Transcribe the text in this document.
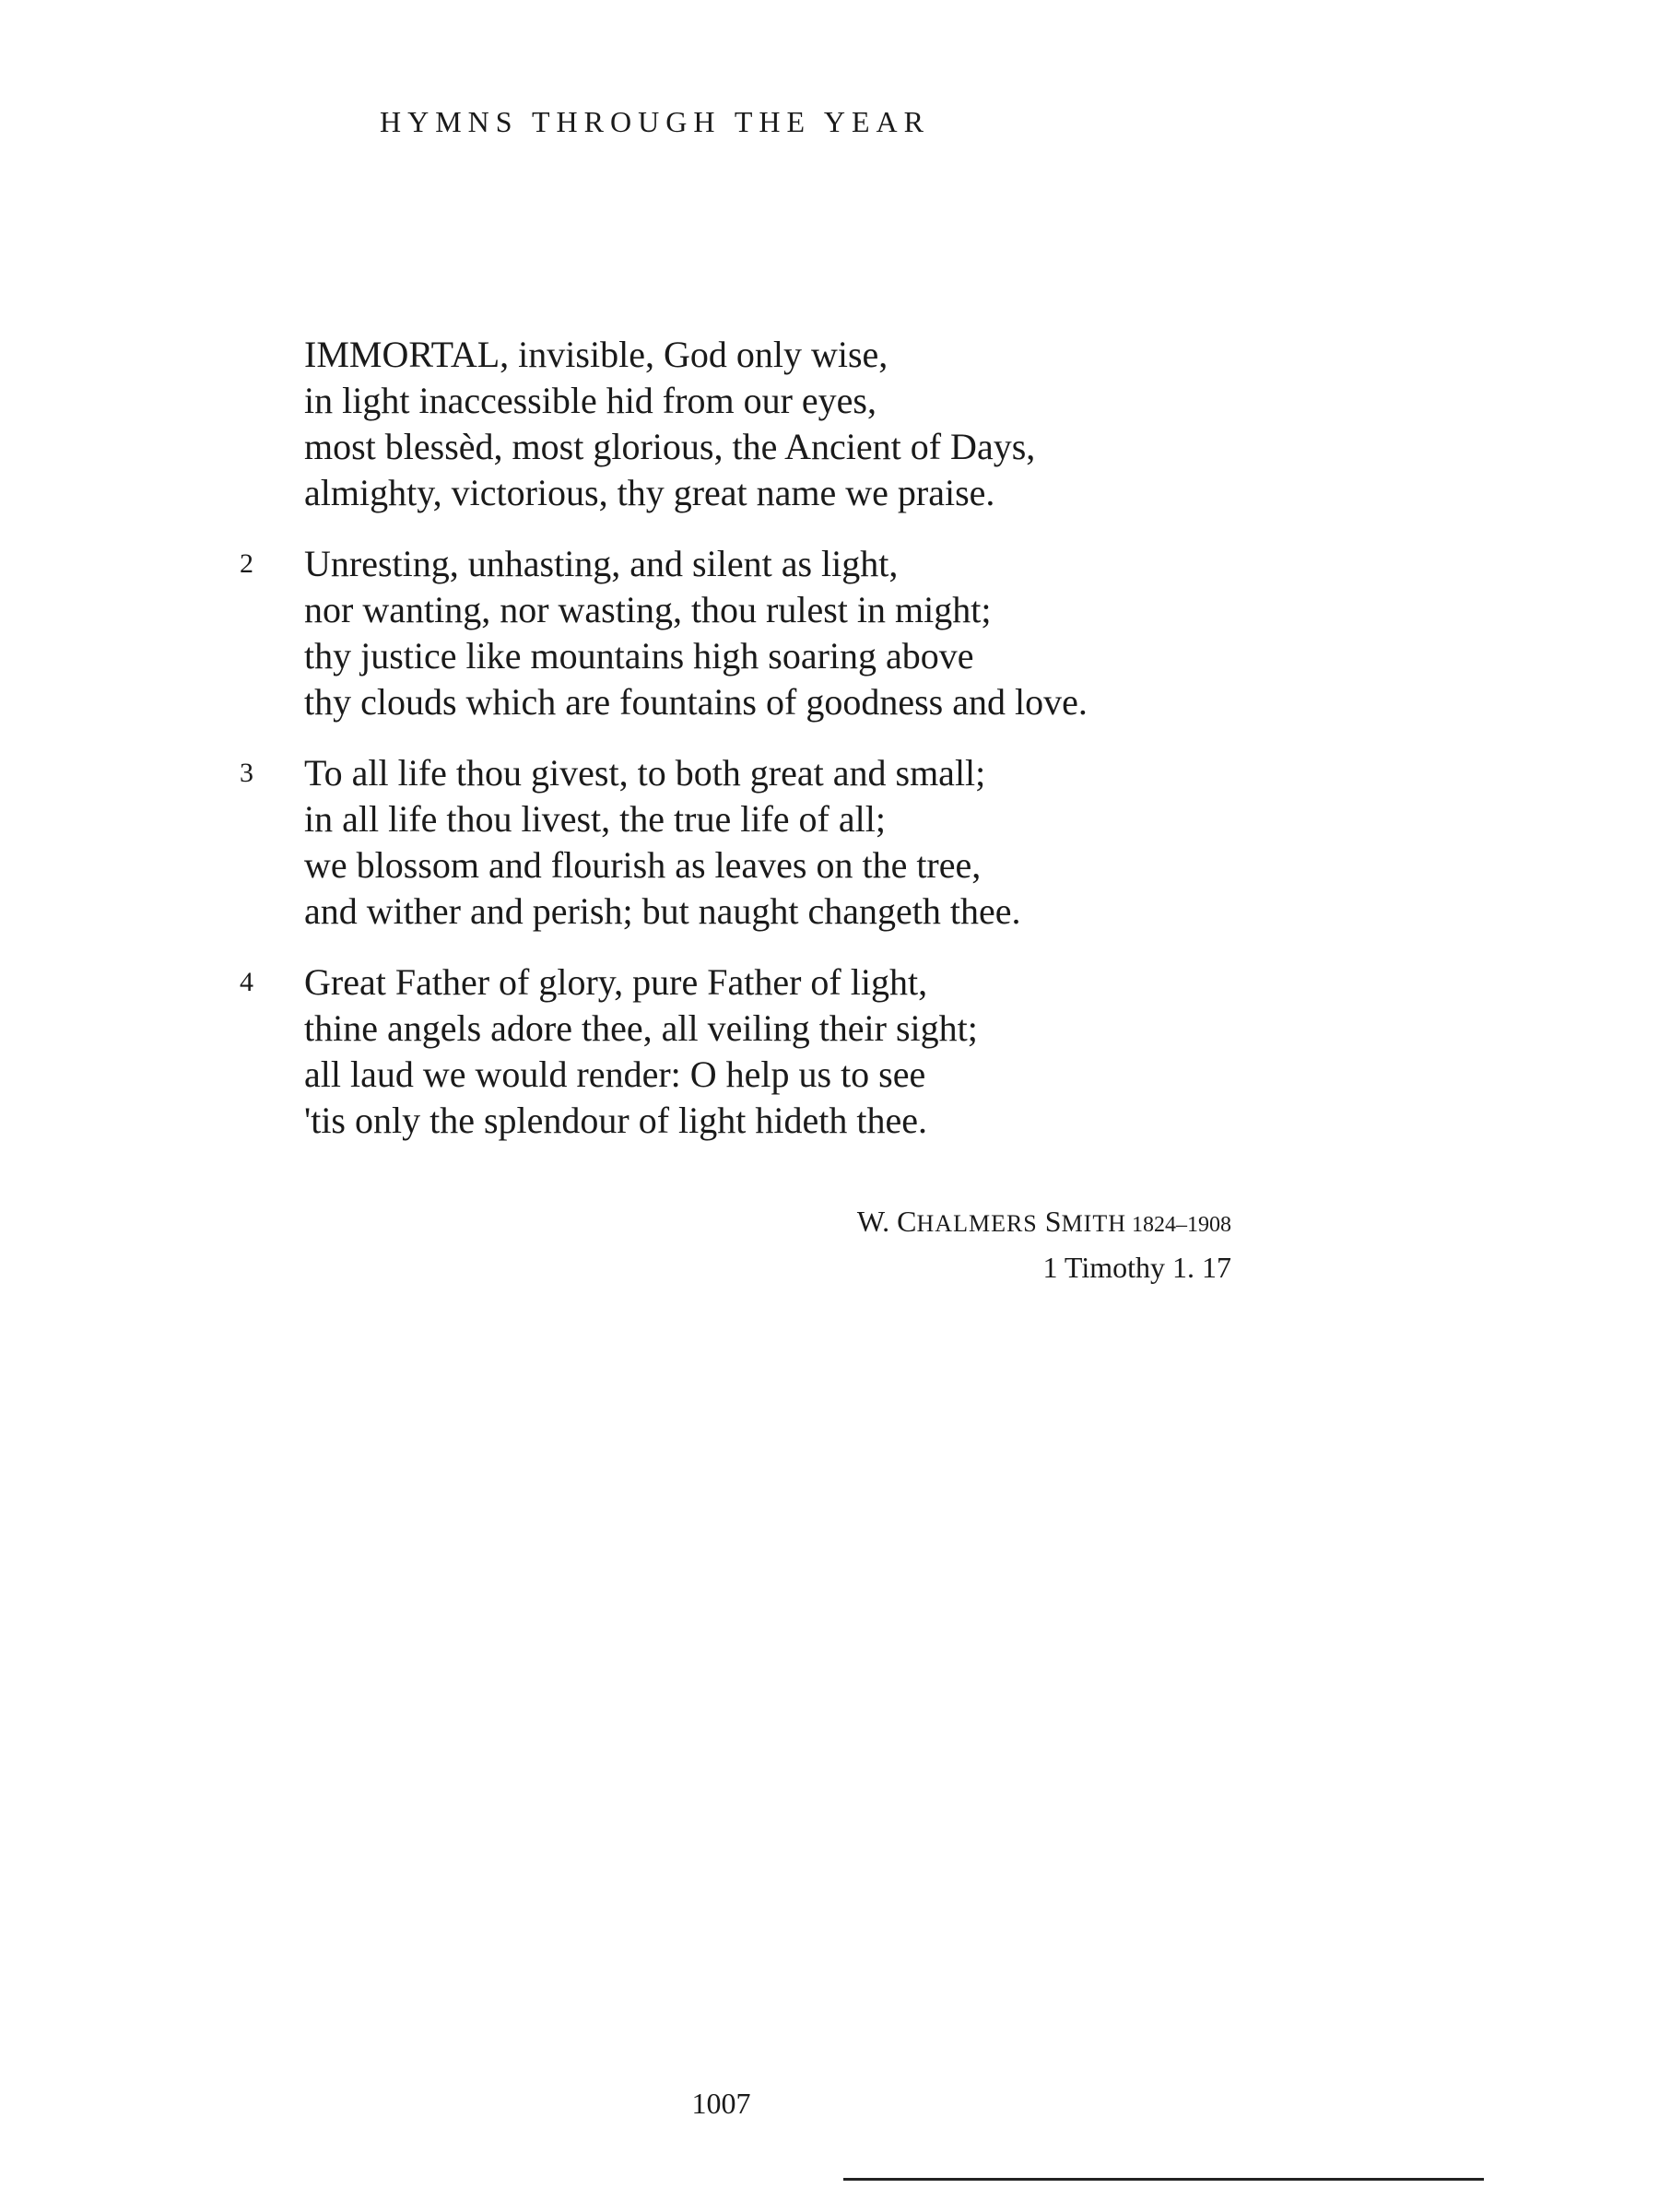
HYMNS THROUGH THE YEAR
IMMORTAL, invisible, God only wise,
in light inaccessible hid from our eyes,
most blessèd, most glorious, the Ancient of Days,
almighty, victorious, thy great name we praise.
2	Unresting, unhasting, and silent as light,
nor wanting, nor wasting, thou rulest in might;
thy justice like mountains high soaring above
thy clouds which are fountains of goodness and love.
3	To all life thou givest, to both great and small;
in all life thou livest, the true life of all;
we blossom and flourish as leaves on the tree,
and wither and perish; but naught changeth thee.
4	Great Father of glory, pure Father of light,
thine angels adore thee, all veiling their sight;
all laud we would render: O help us to see
'tis only the splendour of light hideth thee.
W. CHALMERS SMITH 1824–1908
1 Timothy 1. 17
1007
